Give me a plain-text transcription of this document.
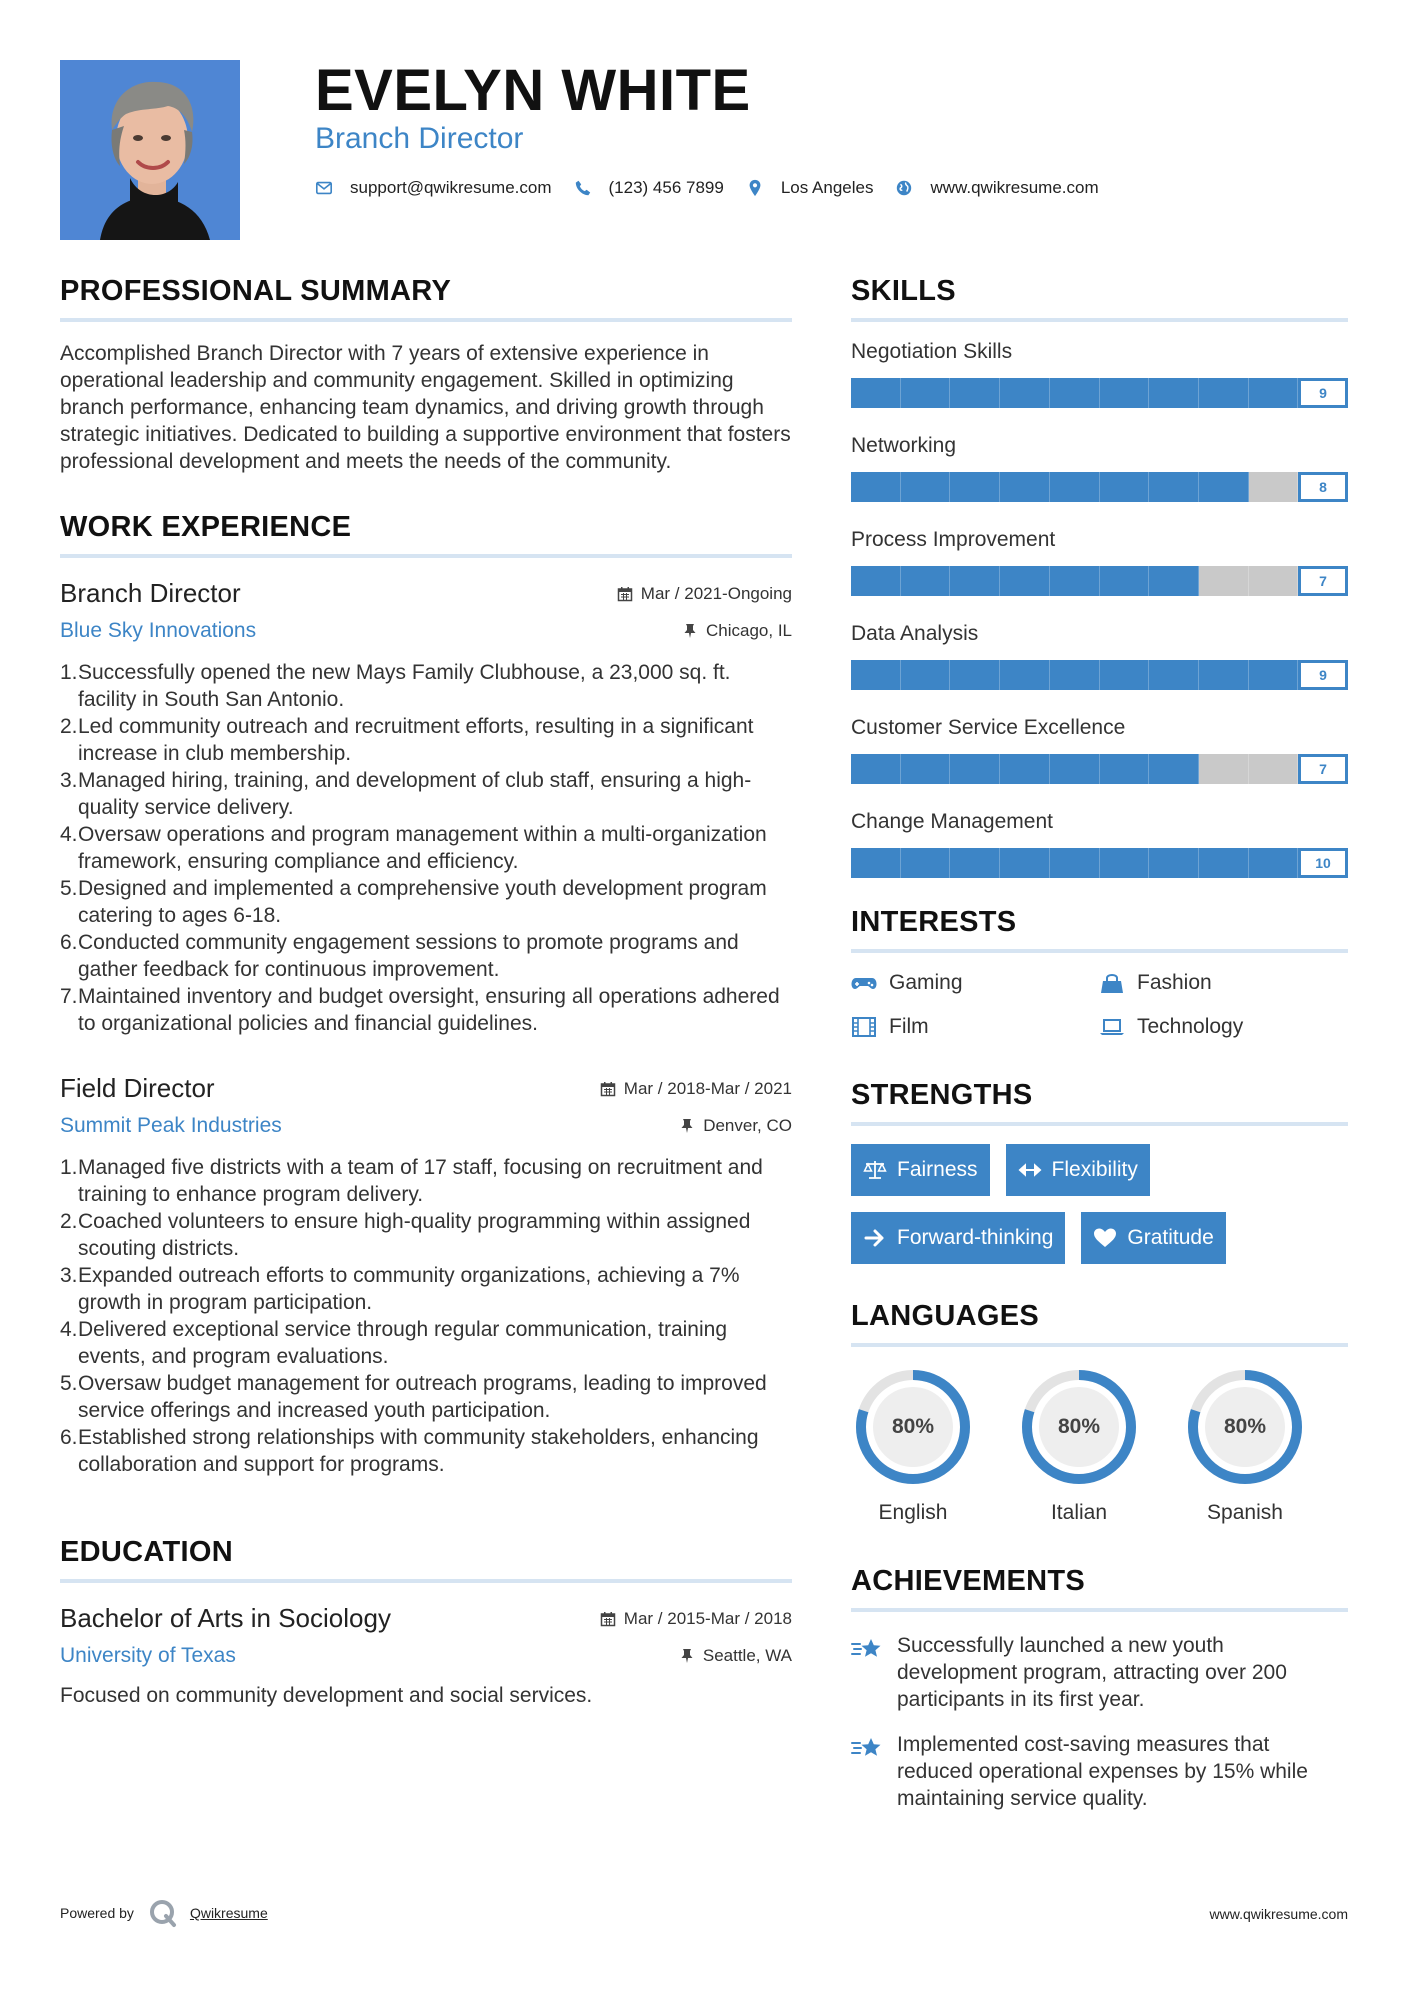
EVELYN WHITE
Branch Director
support@qwikresume.com	(123) 456 7899	Los Angeles	www.qwikresume.com
PROFESSIONAL SUMMARY

Accomplished Branch Director with 7 years of extensive experience in operational leadership and community engagement. Skilled in optimizing branch performance, enhancing team dynamics, and driving growth through strategic initiatives. Dedicated to building a supportive environment that fosters professional development and meets the needs of the community.

WORK EXPERIENCE
Branch Director	Mar / 2021-Ongoing
Blue Sky Innovations	Chicago, IL
1. Successfully opened the new Mays Family Clubhouse, a 23,000 sq. ft. facility in South San Antonio.
2. Led community outreach and recruitment efforts, resulting in a significant increase in club membership.
3. Managed hiring, training, and development of club staff, ensuring a high-quality service delivery.
4. Oversaw operations and program management within a multi-organization framework, ensuring compliance and efficiency.
5. Designed and implemented a comprehensive youth development program catering to ages 6-18.
6. Conducted community engagement sessions to promote programs and gather feedback for continuous improvement.
7. Maintained inventory and budget oversight, ensuring all operations adhered to organizational policies and financial guidelines.
Field Director	Mar / 2018-Mar / 2021
Summit Peak Industries	Denver, CO
1. Managed five districts with a team of 17 staff, focusing on recruitment and training to enhance program delivery.
2. Coached volunteers to ensure high-quality programming within assigned scouting districts.
3. Expanded outreach efforts to community organizations, achieving a 7% growth in program participation.
4. Delivered exceptional service through regular communication, training events, and program evaluations.
5. Oversaw budget management for outreach programs, leading to improved service offerings and increased youth participation.
6. Established strong relationships with community stakeholders, enhancing collaboration and support for programs.
EDUCATION
Bachelor of Arts in Sociology	Mar / 2015-Mar / 2018
University of Texas	Seattle, WA

Focused on community development and social services.

SKILLS
Negotiation Skills
9
Networking
8
Process Improvement
7
Data Analysis
9
Customer Service Excellence
7
Change Management
10
INTERESTS
Gaming	Fashion
Film	Technology
STRENGTHS
Fairness	Flexibility
Forward-thinking	Gratitude
LANGUAGES
80%
English
80%
Italian
80%
Spanish
ACHIEVEMENTS
Successfully launched a new youth development program, attracting over 200 participants in its first year.
Implemented cost-saving measures that reduced operational expenses by 15% while maintaining service quality.
Powered by	Qwikresume	www.qwikresume.com
